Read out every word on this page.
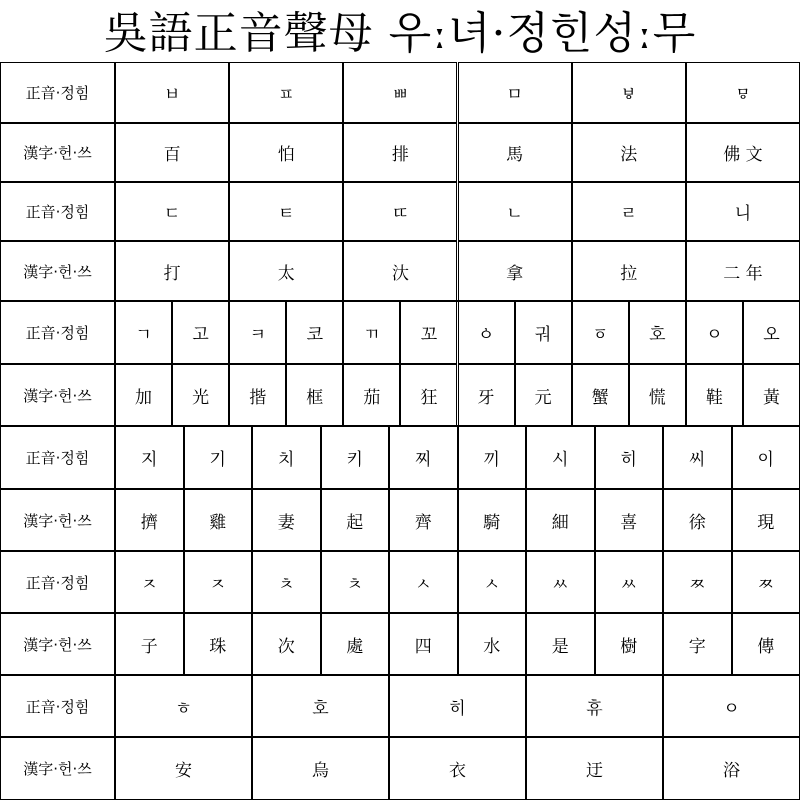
吳語正音聲母 우ː녀·정힌성ː무
正音·정힘	ㅂ	ㅍ	ㅃ	ㅁ	ㅸ	ㅱ
漢字·헌·쓰	百	怕	排	馬	法	佛 文
正音·정힘	ㄷ	ㅌ	ㄸ	ㄴ	ㄹ	니
漢字·헌·쓰	打	太	汏	拿	拉	二 年
正音·정힘	ㄱ	고	ㅋ	코	ㄲ	꼬	ㆁ	궈	ㆆ	호	ㅇ	오
漢字·헌·쓰	加	光	揩	框	茄	狂	牙	元	蟹	慌	鞋	黃
正音·정힘	지	기	치	키	찌	끼	시	히	씨	이
漢字·헌·쓰	擠	雞	妻	起	齊	騎	細	喜	徐	現
正音·정힘	ㅈ	ㅈ	ㅊ	ㅊ	ㅅ	ㅅ	ㅆ	ㅆ	ㅉ	ㅉ
漢字·헌·쓰	子	珠	次	處	四	水	是	樹	字	傳
正音·정힘	ㅎ	호	히	휴	ㅇ
漢字·헌·쓰	安	烏	衣	迂	浴
